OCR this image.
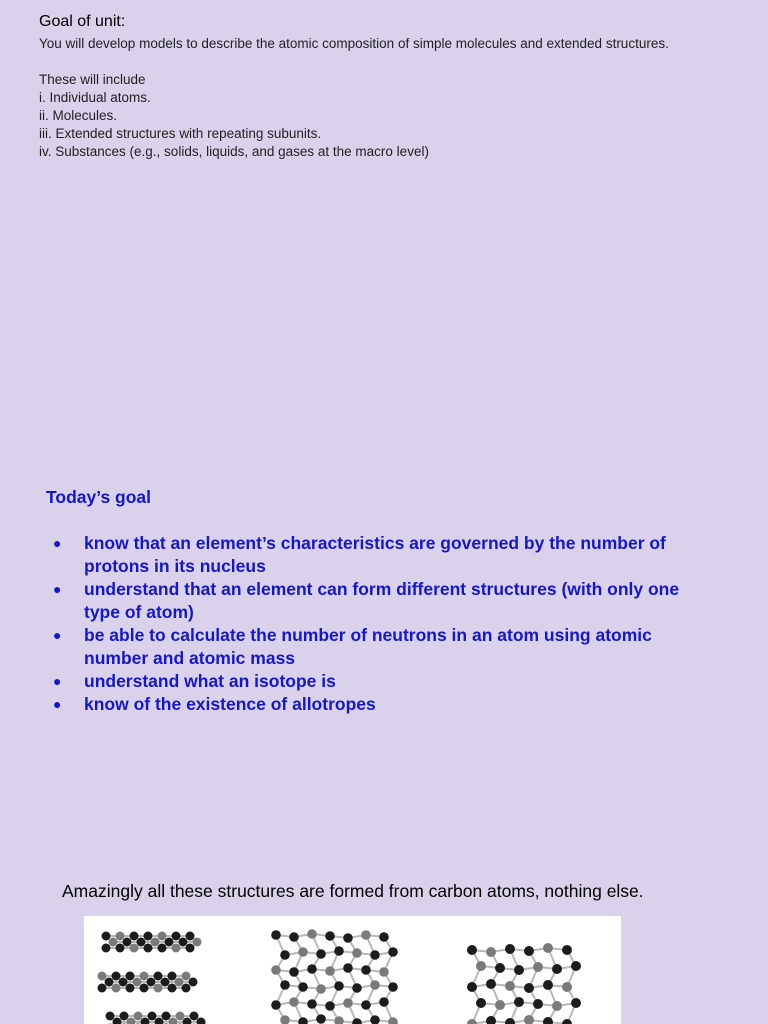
Goal of unit:
You will develop models to describe the atomic composition of simple molecules and extended structures.
These will include
i. Individual atoms.
ii. Molecules.
iii. Extended structures with repeating subunits.
iv. Substances (e.g., solids, liquids, and gases at the macro level)
Today’s goal
● know that an element’s characteristics are governed by the number of protons in its nucleus
● understand that an element can form different structures (with only one type of atom)
● be able to calculate the number of neutrons in an atom using atomic number and atomic mass
● understand what an isotope is
● know of the existence of allotropes
Amazingly all these structures are formed from carbon atoms, nothing else.
